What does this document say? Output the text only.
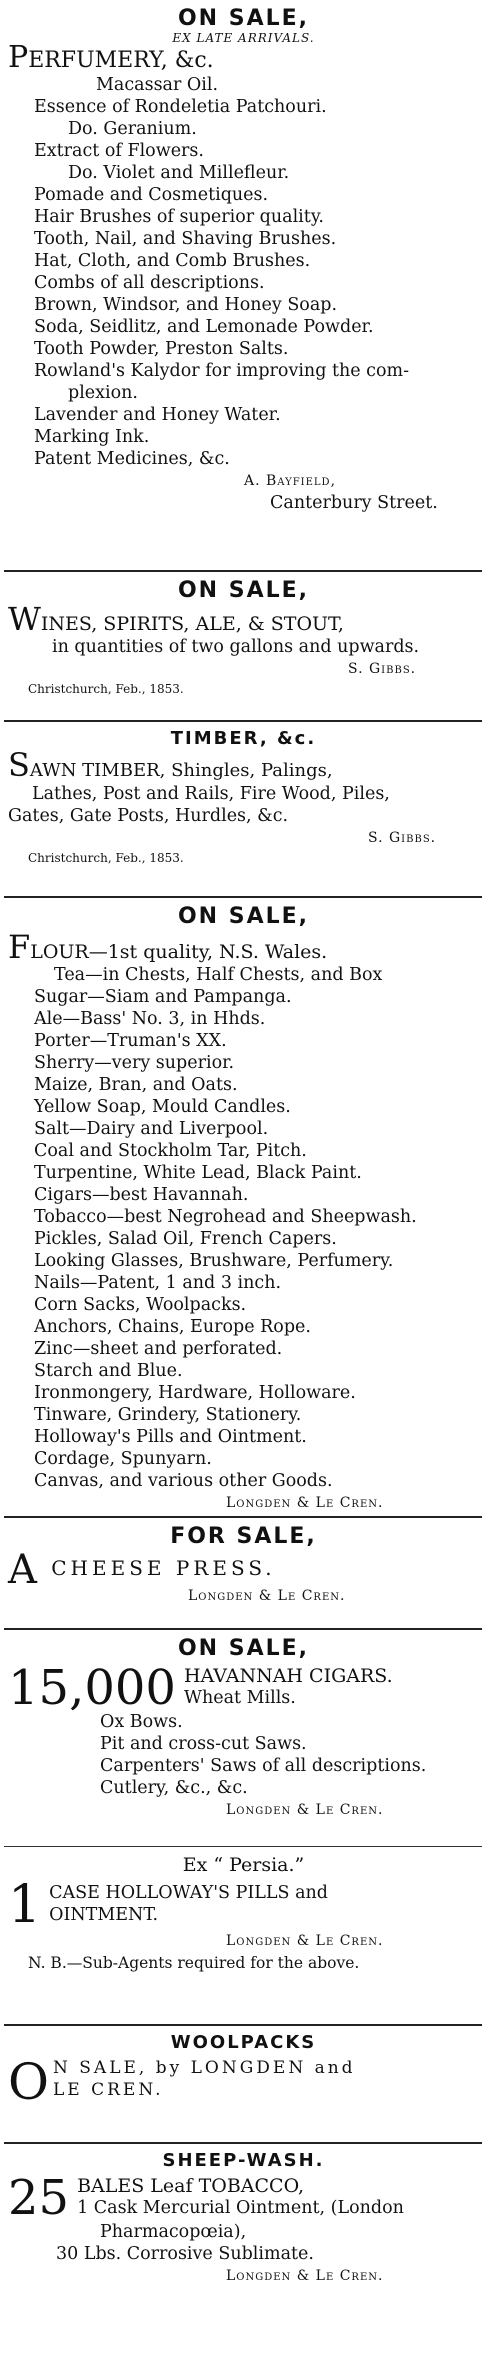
ON SALE,
EX LATE ARRIVALS.
PERFUMERY, &c.
Macassar Oil.
Essence of Rondeletia Patchouri.
Do. Geranium.
Extract of Flowers.
Do. Violet and Millefleur.
Pomade and Cosmetiques.
Hair Brushes of superior quality.
Tooth, Nail, and Shaving Brushes.
Hat, Cloth, and Comb Brushes.
Combs of all descriptions.
Brown, Windsor, and Honey Soap.
Soda, Seidlitz, and Lemonade Powder.
Tooth Powder, Preston Salts.
Rowland's Kalydor for improving the com-
plexion.
Lavender and Honey Water.
Marking Ink.
Patent Medicines, &c.
A. Bayfield,
Canterbury Street.
ON SALE,
WINES, SPIRITS, ALE, & STOUT,
in quantities of two gallons and upwards.
S. Gibbs.
Christchurch, Feb., 1853.
TIMBER, &c.
SAWN TIMBER, Shingles, Palings,
Lathes, Post and Rails, Fire Wood, Piles,
Gates, Gate Posts, Hurdles, &c.
S. Gibbs.
Christchurch, Feb., 1853.
ON SALE,
FLOUR—1st quality, N.S. Wales.
Tea—in Chests, Half Chests, and Box
Sugar—Siam and Pampanga.
Ale—Bass' No. 3, in Hhds.
Porter—Truman's XX.
Sherry—very superior.
Maize, Bran, and Oats.
Yellow Soap, Mould Candles.
Salt—Dairy and Liverpool.
Coal and Stockholm Tar, Pitch.
Turpentine, White Lead, Black Paint.
Cigars—best Havannah.
Tobacco—best Negrohead and Sheepwash.
Pickles, Salad Oil, French Capers.
Looking Glasses, Brushware, Perfumery.
Nails—Patent, 1 and 3 inch.
Corn Sacks, Woolpacks.
Anchors, Chains, Europe Rope.
Zinc—sheet and perforated.
Starch and Blue.
Ironmongery, Hardware, Holloware.
Tinware, Grindery, Stationery.
Holloway's Pills and Ointment.
Cordage, Spunyarn.
Canvas, and various other Goods.
Longden & Le Cren.
FOR SALE,
A CHEESE PRESS.
Longden & Le Cren.
ON SALE,
15,000 HAVANNAH CIGARS.
Wheat Mills.
Ox Bows.
Pit and cross-cut Saws.
Carpenters' Saws of all descriptions.
Cutlery, &c., &c.
Longden & Le Cren.
Ex “ Persia.”
1 CASE HOLLOWAY'S PILLS and
OINTMENT.
Longden & Le Cren.
N. B.—Sub-Agents required for the above.
WOOLPACKS
O N SALE, by LONGDEN and
LE CREN.
SHEEP-WASH.
25 BALES Leaf TOBACCO,
1 Cask Mercurial Ointment, (London
Pharmacopœia),
30 Lbs. Corrosive Sublimate.
Longden & Le Cren.
